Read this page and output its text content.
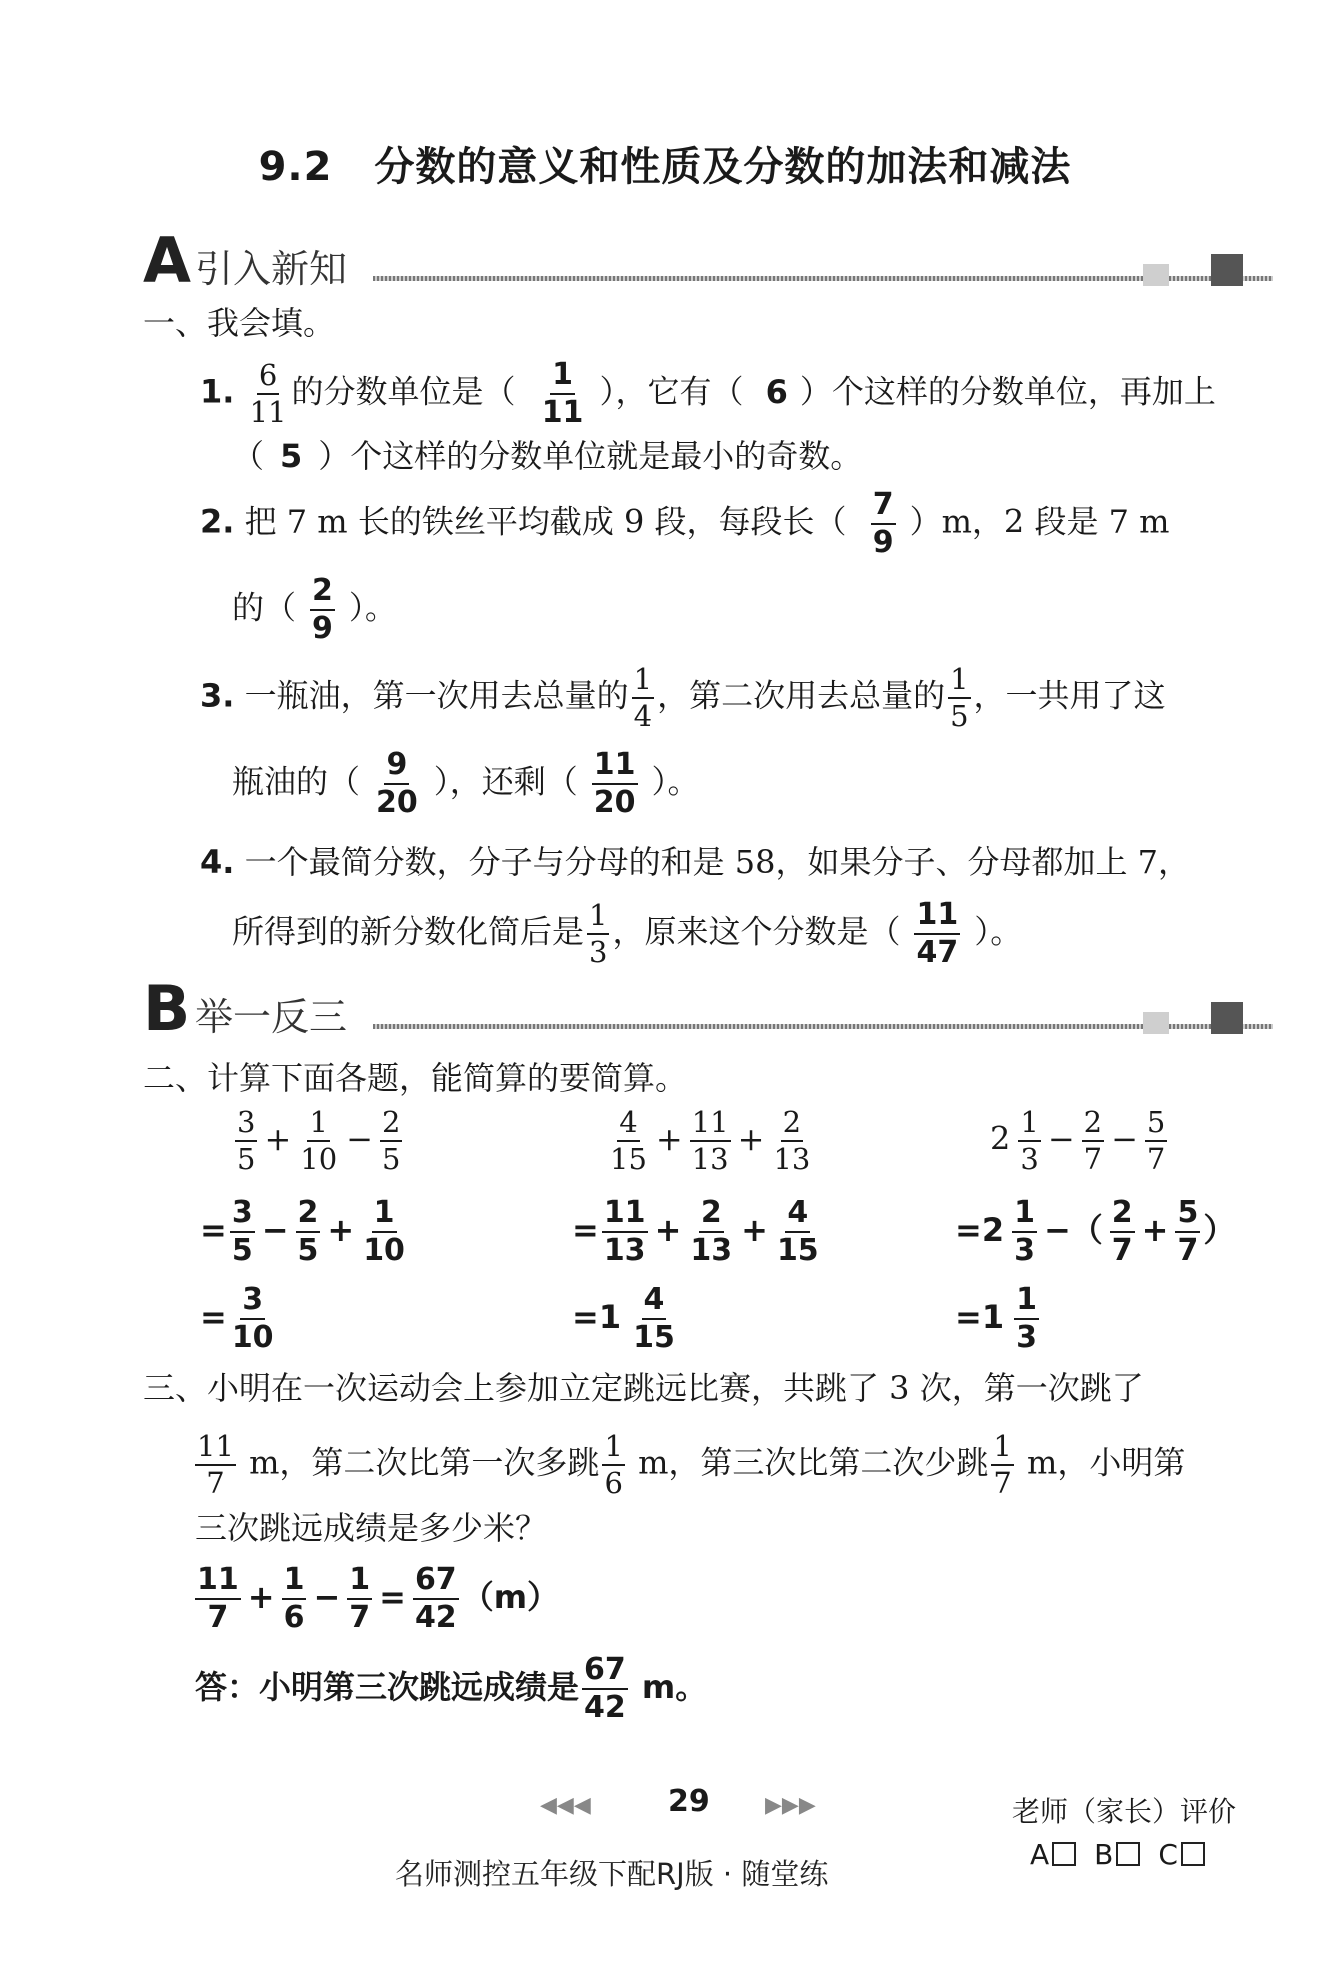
9.2 分数的意义和性质及分数的加法和减法
A 引入新知
一、我会填。
1. $\frac{6}{11}$ 的分数单位是（ $\frac{1}{11}$ ），它有（ 6 ）个这样的分数单位，再加上
（ 5 ）个这样的分数单位就是最小的奇数。
2. 把 7 m 长的铁丝平均截成 9 段，每段长（ $\frac{7}{9} )m$，2 段是 7 m
的（ $\frac{2}{9}$ ）。
3. 一瓶油，第一次用去总量的 $\frac{1}{4}$ ，第二次用去总量的 $\frac{1}{5}$ ，一共用了这
瓶油的（ $\frac{9}{20}$ ），还剩（ $\frac{11}{20}$ ）。
4. 一个最简分数，分子与分母的和是 58，如果分子、分母都加上 7，
所得到的新分数化简后是 $\frac{1}{3}$ ，原来这个分数是（ $\frac{11}{47}$ ）。
B 举一反三
二、计算下面各题，能简算的要简算。
$\frac{3}{5} + \frac{1}{10} - \frac{2}{5}$
= $\frac{3}{5} - \frac{2}{5} + \frac{1}{10}$
= $\frac{3}{10}$
$\frac{4}{15} + \frac{11}{13} + \frac{2}{13}$
= $\frac{11}{13} + \frac{2}{13} + \frac{4}{15}$
$=1 \frac{4}{15}$
$2 \frac{1}{3} - \frac{2}{7} - \frac{5}{7}$
$=2 \frac{1}{3}$ −（ $\frac{2}{7} + \frac{5}{7}$ ）
$=1 \frac{1}{3}$
三、小明在一次运动会上参加立定跳远比赛，共跳了 3 次，第一次跳了
$\frac{11}{7}$ m，第二次比第一次多跳 $\frac{1}{6}$ m，第三次比第二次少跳 $\frac{1}{7}$ m，小明第
三次跳远成绩是多少米？
$\frac{11}{7} + \frac{1}{6} - \frac{1}{7} = \frac{67}{42} (m)$
答：小明第三次跳远成绩是 $\frac{67}{42}$ m。
◀◀◀	29	▶▶▶
名师测控五年级下配RJ版 · 随堂练
老师（家长）评价
A B C
